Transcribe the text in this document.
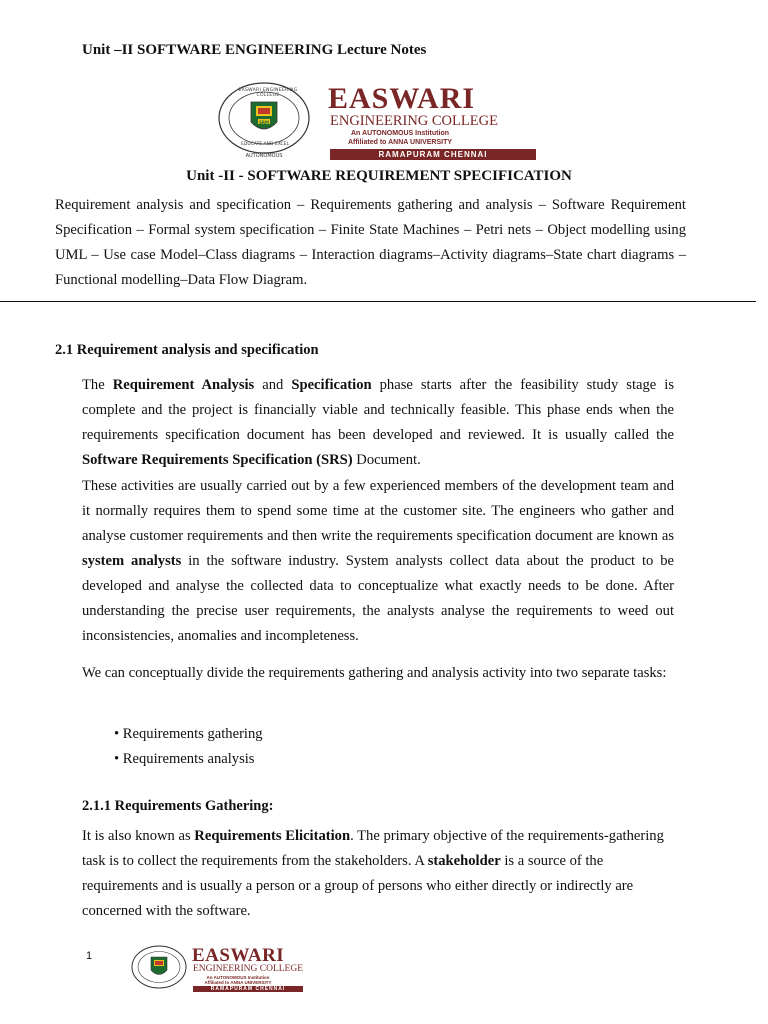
Unit –II SOFTWARE ENGINEERING Lecture Notes
EASWARI ENGINEERING COLLEGE
SRM
EDUCATE AND EXCEL
AUTONOMOUS
EASWARI
ENGINEERING COLLEGE
An AUTONOMOUS Institution
Affiliated to ANNA UNIVERSITY
RAMAPURAM CHENNAI
Unit -II - SOFTWARE REQUIREMENT SPECIFICATION
Requirement analysis and specification – Requirements gathering and analysis – Software Requirement Specification – Formal system specification – Finite State Machines – Petri nets – Object modelling using UML – Use case Model–Class diagrams – Interaction diagrams–Activity diagrams–State chart diagrams –Functional modelling–Data Flow Diagram.
2.1 Requirement analysis and specification
The Requirement Analysis and Specification phase starts after the feasibility study stage is complete and the project is financially viable and technically feasible. This phase ends when the requirements specification document has been developed and reviewed. It is usually called the Software Requirements Specification (SRS) Document.
These activities are usually carried out by a few experienced members of the development team and it normally requires them to spend some time at the customer site. The engineers who gather and analyse customer requirements and then write the requirements specification document are known as system analysts in the software industry. System analysts collect data about the product to be developed and analyse the collected data to conceptualize what exactly needs to be done. After understanding the precise user requirements, the analysts analyse the requirements to weed out inconsistencies, anomalies and incompleteness.
We can conceptually divide the requirements gathering and analysis activity into two separate tasks:
• Requirements gathering
• Requirements analysis
2.1.1 Requirements Gathering:
It is also known as Requirements Elicitation. The primary objective of the requirements-gathering task is to collect the requirements from the stakeholders. A stakeholder is a source of the requirements and is usually a person or a group of persons who either directly or indirectly are concerned with the software.
1	EASWARI
ENGINEERING COLLEGE
An AUTONOMOUS Institution
Affiliated to ANNA UNIVERSITY
RAMAPURAM CHENNAI
